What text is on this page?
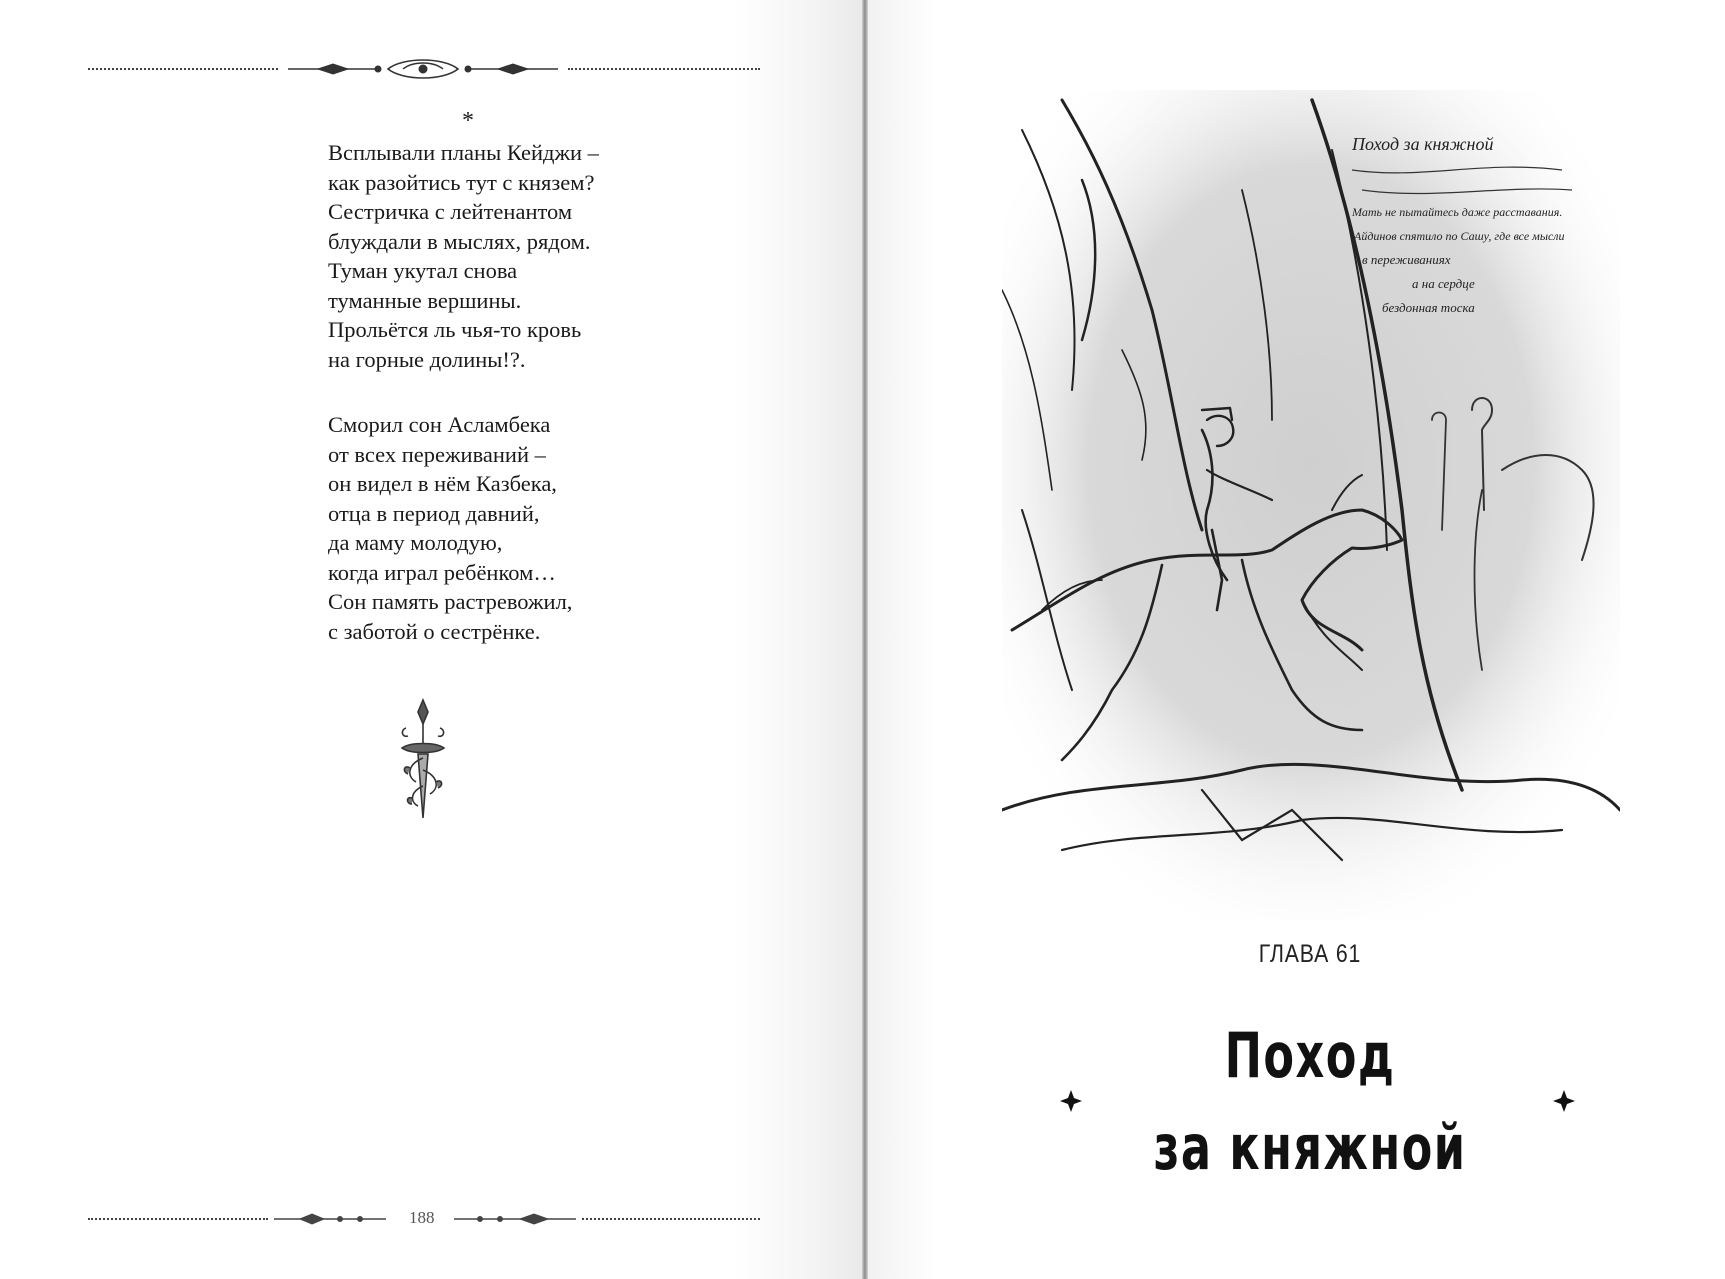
*
Всплывали планы Кейджи –
как разойтись тут с князем?
Сестричка с лейтенантом
блуждали в мыслях, рядом.
Туман укутал снова
туманные вершины.
Прольётся ль чья-то кровь
на горные долины!?.
Сморил сон Асламбека
от всех переживаний –
он видел в нём Казбека,
отца в период давний,
да маму молодую,
когда играл ребёнком…
Сон память растревожил,
с заботой о сестрёнке.
188
Поход за княжной
Мать не пытайтесь даже расставания.
Айдинов спятило по Сашу, где все мысли
в переживаниях
а на сердце
бездонная тоска
ГЛАВА 61
Поход
за княжной
